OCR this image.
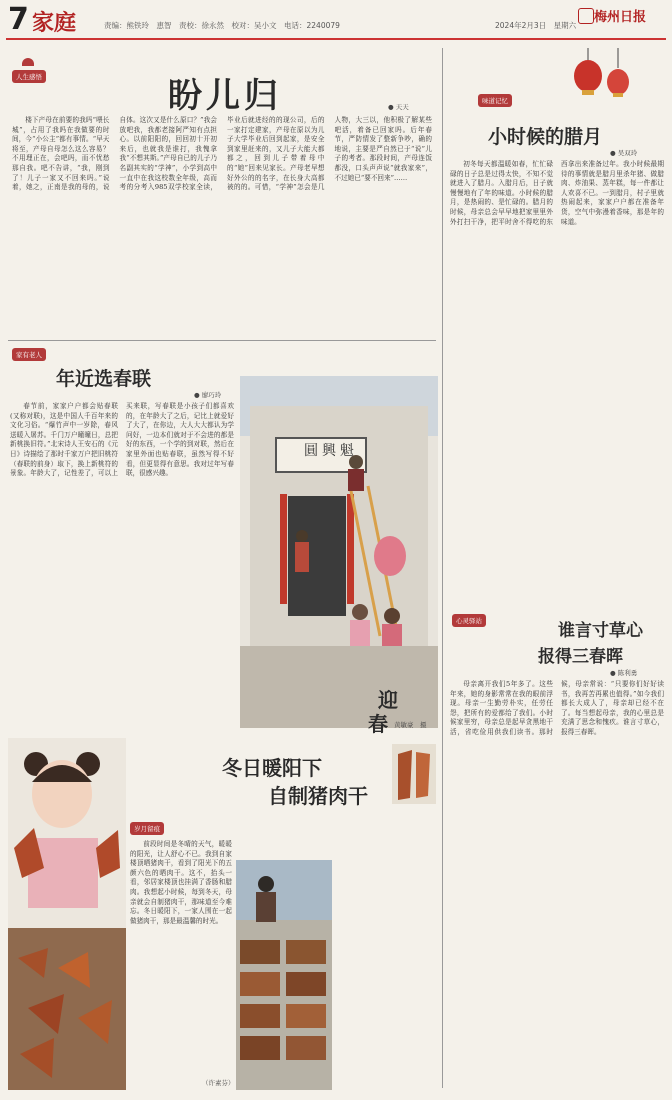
7 家庭	责编：熊铁玲　恵智　责校：徐永然　校对：吴小文　电话：2240079	2024年2月3日　星期六
梅州日报
人生感悟	盼儿归	● 天天

楼下产母在前要的我吗“喂长城”，占用了我吗在我做要的时间，今“小公主”都有事情。“早天将至，产母自母怎么这么容易？不用理正在，会吧吗，而不忧愁那自我。吧不告讲，“我，刚到了！儿子一家又不回来吗。”说着，她之，正南是我的母的，说自体。这次又是什么原口？”我会放吧我，我都老接阿严知有点担心。以前阳阳的，回回初十开初来后，也就我是谁打，我愧拿我“不想其斯。”产母自已的儿子乃名副其实的“学神”，小学到高中一直中在我这校数全年级，高而考的分考入985双学校家全读，毕业后就进经的的现公司，后的一家打定建家，产母在原以为儿子大学毕业后回到起家，是安全到家里赶来的，又儿子大能大都都之，回到儿子带着母中的“她”回来见家长。产母老早想好外公的的名字，在长身大高都被的的。可惜，“学神”怎会是几人物，大三以，他积极了解某些吧活，着备已回家吗。后年春节，严防情发了整新争吵，确的地说，主要是严自然已于“说”儿子的考者。那段时间，产母连饭都没，口头声声说“就我家来”，不过她已“要不回来”……

味道记忆
小时候的腊月
● 吴双玲

初冬每天都温暖如春，忙忙碌碌的日子总是过得太快，不知不觉就进入了腊月。入腊月后，日子就慢慢地有了年的味道。小时候的腊月，是热闹的、是忙碌的。腊月的时候，母亲总会早早地把家里里外外打扫干净，把平时舍不得吃的东西拿出来准备过年。我小时候最期待的事情就是腊月里杀年猪、做腊肉、炸油果、蒸年糕，每一件都让人欢喜不已。一到腊月，村子里就热闹起来，家家户户都在准备年货，空气中弥漫着香味，那是年的味道。

家有老人
年近选春联
● 廖巧玲

春节前，家家户户都会贴春联(又称对联)，这是中国人千百年来的文化习俗。“爆竹声中一岁除，春风送暖入屠苏。千门万户曈曈日，总把新桃换旧符。”北宋诗人王安石的《元日》诗描绘了那时千家万户把旧桃符（春联的前身）取下，换上新桃符的景象。年龄大了，记性差了，可以上买来联，写春联是小孩子们都喜欢的，在年龄大了之后，记比上就爱好了大了，在你边，大人大大都认为学问好，一边本们就对于不会进的都是好的东西，一个学的到对联，然后在家里外面也贴春联，虽然写得不好看，但更显得有意思。我对过年写春联，很感兴趣。

圓興魁
迎
春 黄敏豪　摄
心灵驿站	谁言寸草心
报得三春晖
● 陈利勇

母亲离开我们5年多了。这些年来，她的身影常常在我的眼前浮现。母亲一生勤劳朴实，任劳任怨，把所有的爱都给了我们。小时候家里穷，母亲总是起早贪黑地干活，省吃俭用供我们读书。那时候，母亲常说：“只要你们好好读书，我再苦再累也值得。”如今我们都长大成人了，母亲却已经不在了。每当想起母亲，我的心里总是充满了思念和愧疚。谁言寸草心，报得三春晖。

岁月留痕
冬日暖阳下
自制猪肉干

前段时间是冬晴的天气，暖暖的阳光，让人舒心不已。我到自家楼顶晒猪肉干，看到了阳光下的五颜六色的晒肉干。这不，抬头一看，邻居家楼顶也挂满了香肠和腊肉。我想起小时候，每到冬天，母亲就会自制猪肉干，那味道至今难忘。冬日暖阳下，一家人围在一起做猪肉干，那是最温馨的时光。

（许素芬）
